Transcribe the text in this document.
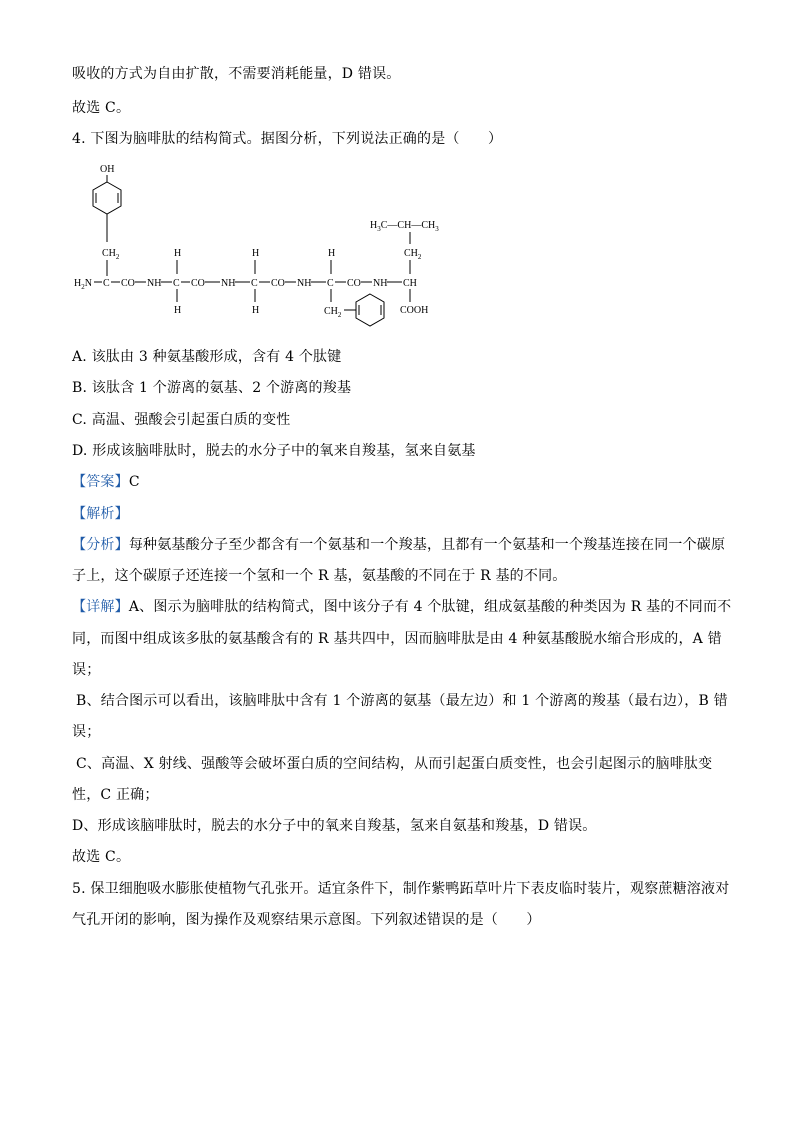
吸收的方式为自由扩散，不需要消耗能量，D 错误。
故选 C。
4. 下图为脑啡肽的结构简式。据图分析，下列说法正确的是（　　）
OH
$CH_2$
$H_2N$ C CO NH C CO NH C CO NH C CO NH CH
H
H
H
H
H
$CH_2$
$CH_2$
$H_3C—CH—CH_3$
COOH
A. 该肽由 3 种氨基酸形成，含有 4 个肽键
B. 该肽含 1 个游离的氨基、2 个游离的羧基
C. 高温、强酸会引起蛋白质的变性
D. 形成该脑啡肽时，脱去的水分子中的氧来自羧基，氢来自氨基
【答案】C
【解析】
【分析】每种氨基酸分子至少都含有一个氨基和一个羧基，且都有一个氨基和一个羧基连接在同一个碳原
子上，这个碳原子还连接一个氢和一个 R 基，氨基酸的不同在于 R 基的不同。
【详解】A、图示为脑啡肽的结构简式，图中该分子有 4 个肽键，组成氨基酸的种类因为 R 基的不同而不
同，而图中组成该多肽的氨基酸含有的 R 基共四中，因而脑啡肽是由 4 种氨基酸脱水缩合形成的，A 错
误；
B、结合图示可以看出，该脑啡肽中含有 1 个游离的氨基（最左边）和 1 个游离的羧基（最右边），B 错
误；
C、高温、X 射线、强酸等会破坏蛋白质的空间结构，从而引起蛋白质变性，也会引起图示的脑啡肽变
性，C 正确；
D、形成该脑啡肽时，脱去的水分子中的氧来自羧基，氢来自氨基和羧基，D 错误。
故选 C。
5. 保卫细胞吸水膨胀使植物气孔张开。适宜条件下，制作紫鸭跖草叶片下表皮临时装片，观察蔗糖溶液对
气孔开闭的影响，图为操作及观察结果示意图。下列叙述错误的是（　　）
